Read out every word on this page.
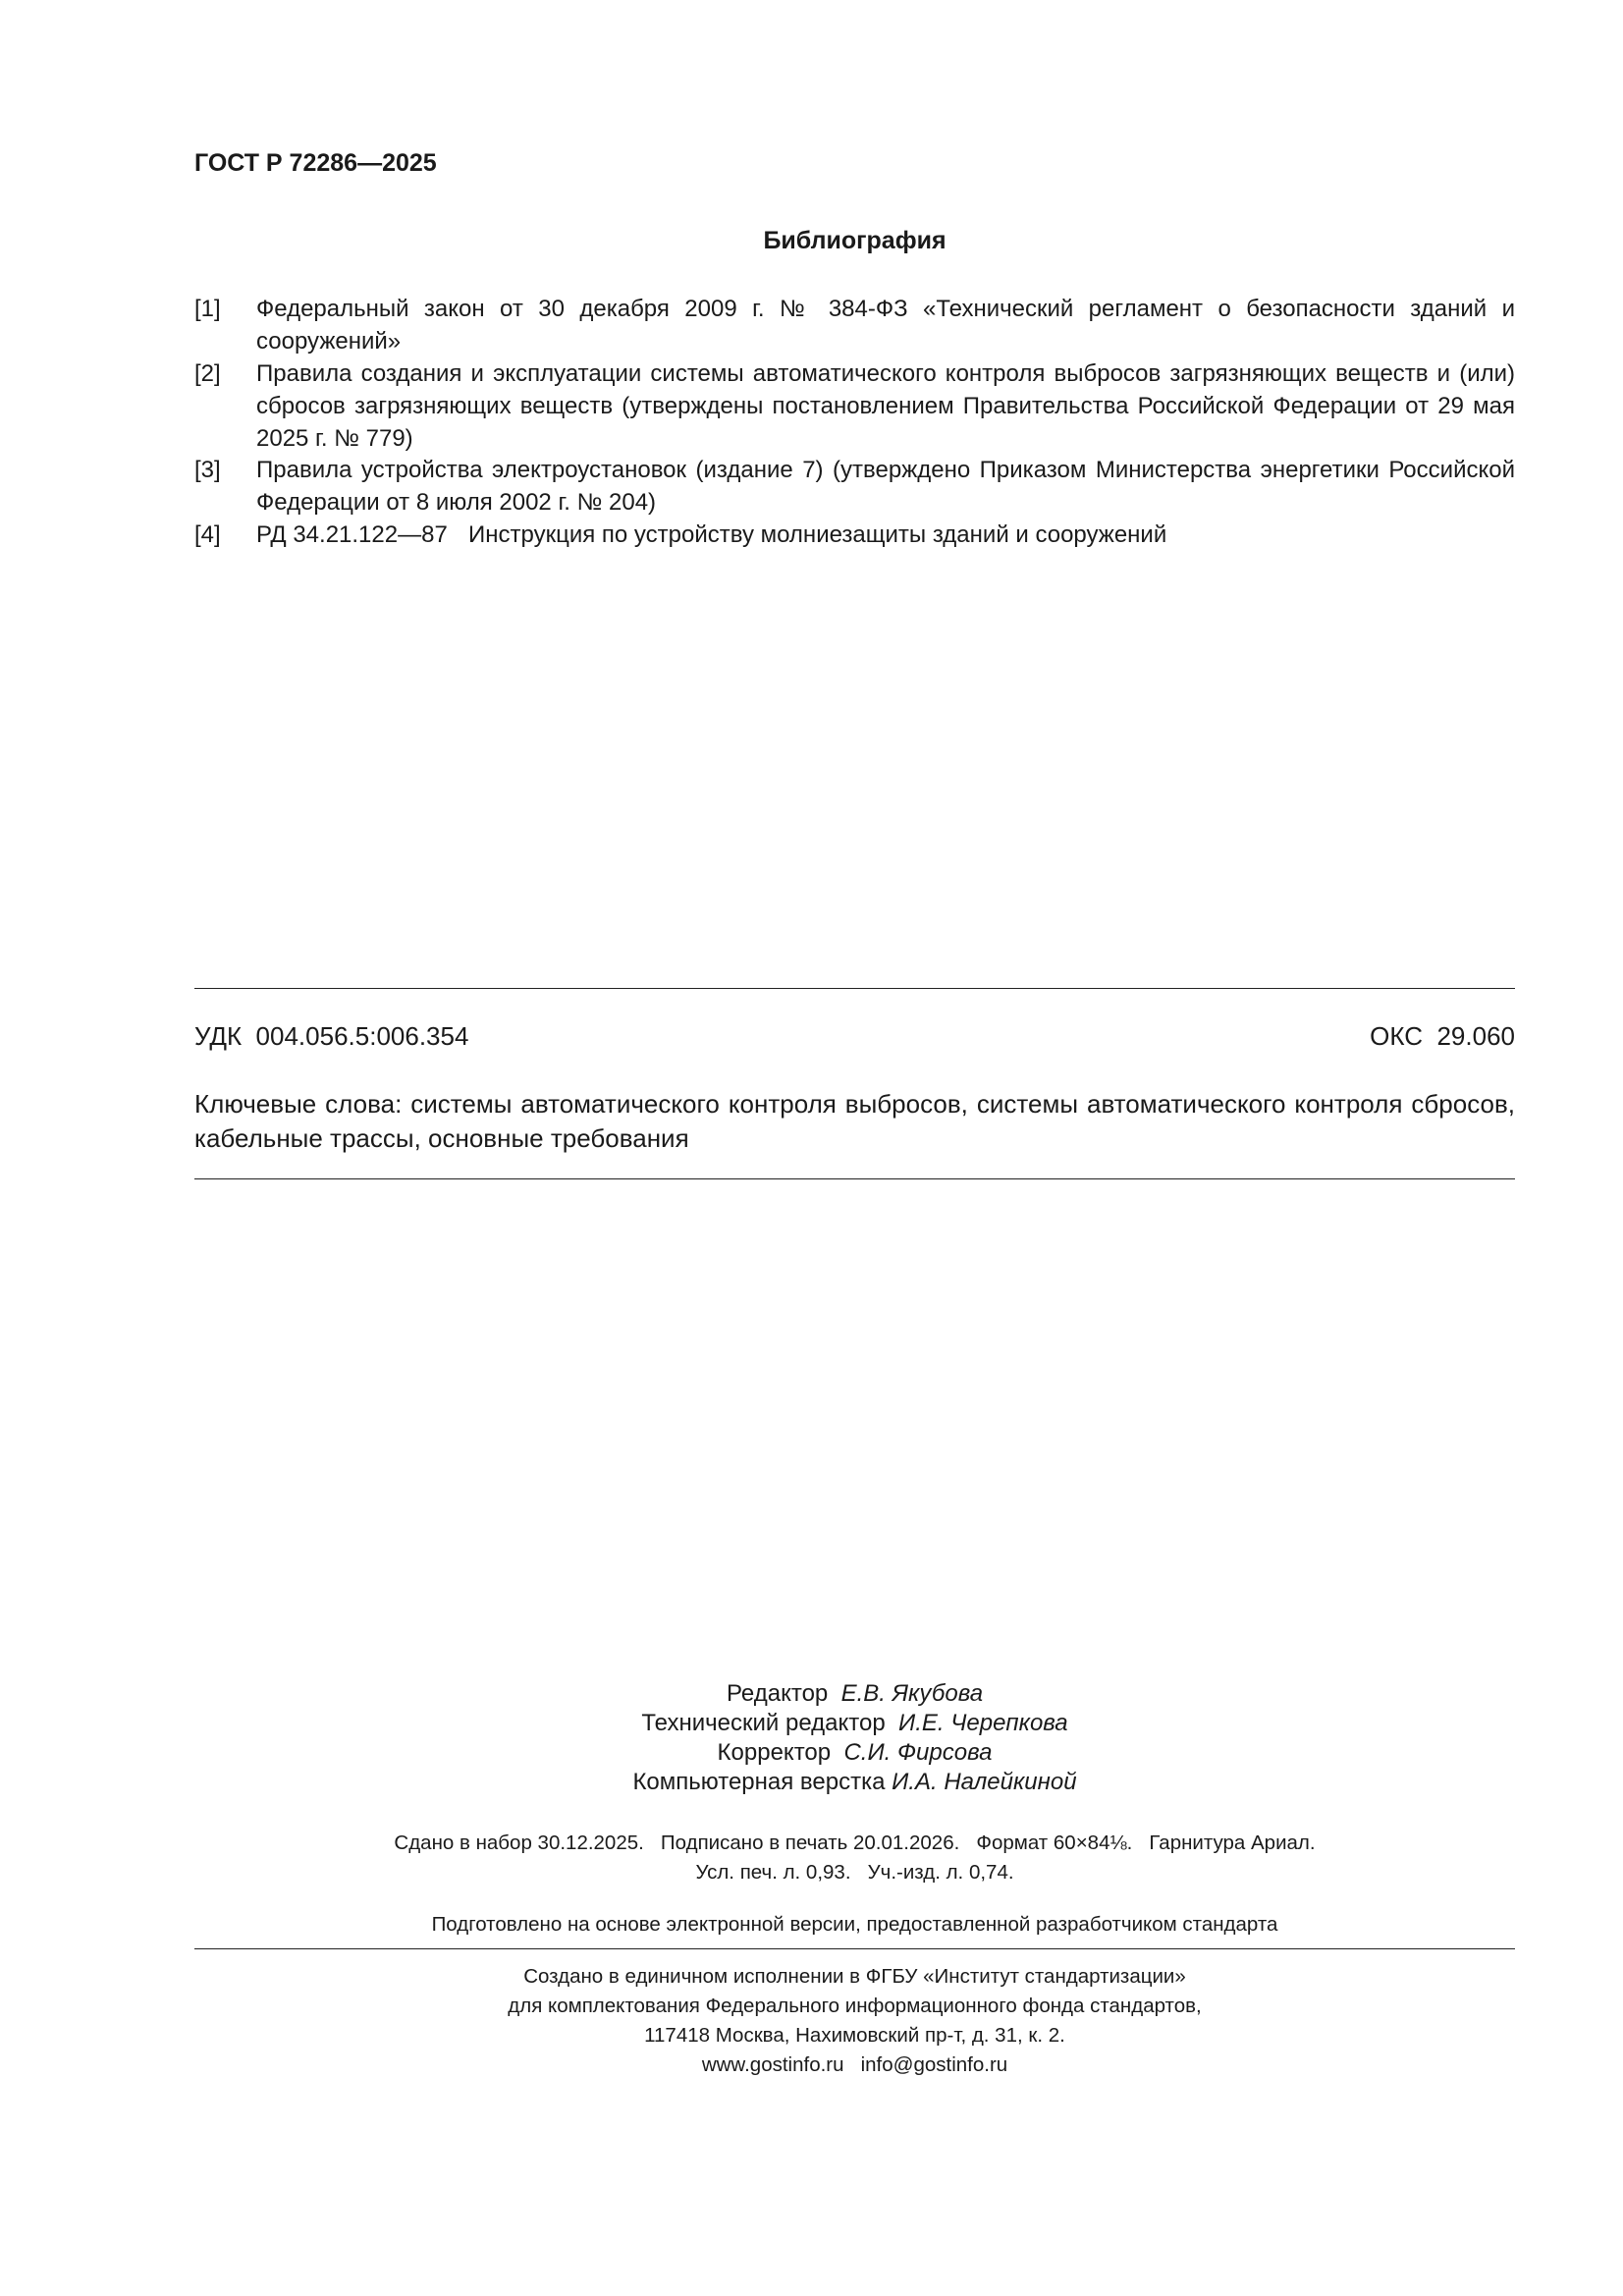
ГОСТ Р 72286—2025
Библиография
[1] Федеральный закон от 30 декабря 2009 г. № 384-ФЗ «Технический регламент о безопасности зданий и сооружений»
[2] Правила создания и эксплуатации системы автоматического контроля выбросов загрязняющих веществ и (или) сбросов загрязняющих веществ (утверждены постановлением Правительства Российской Федерации от 29 мая 2025 г. № 779)
[3] Правила устройства электроустановок (издание 7) (утверждено Приказом Министерства энергетики Российской Федерации от 8 июля 2002 г. № 204)
[4] РД 34.21.122—87 Инструкция по устройству молниезащиты зданий и сооружений
УДК  004.056.5:006.354	ОКС  29.060
Ключевые слова: системы автоматического контроля выбросов, системы автоматического контроля сбросов, кабельные трассы, основные требования
Редактор Е.В. Якубова
Технический редактор И.Е. Черепкова
Корректор С.И. Фирсова
Компьютерная верстка И.А. Налейкиной
Сдано в набор 30.12.2025.   Подписано в печать 20.01.2026.   Формат 60×84⅛.   Гарнитура Ариал.
Усл. печ. л. 0,93.   Уч.-изд. л. 0,74.
Подготовлено на основе электронной версии, предоставленной разработчиком стандарта
Создано в единичном исполнении в ФГБУ «Институт стандартизации»
для комплектования Федерального информационного фонда стандартов,
117418 Москва, Нахимовский пр-т, д. 31, к. 2.
www.gostinfo.ru   info@gostinfo.ru
